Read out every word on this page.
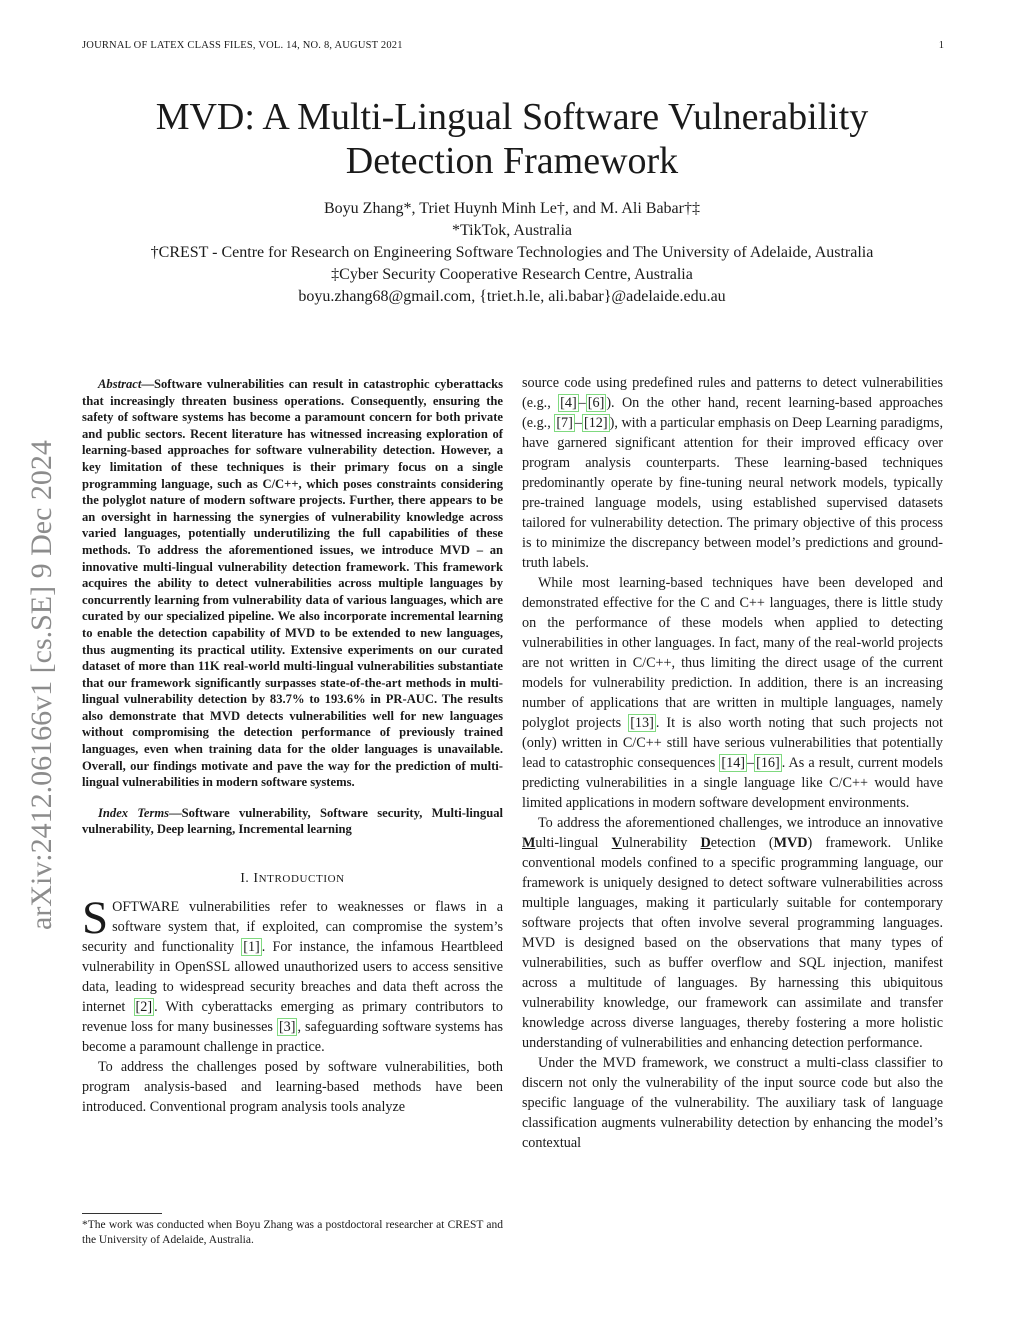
JOURNAL OF LATEX CLASS FILES, VOL. 14, NO. 8, AUGUST 2021	1
MVD: A Multi-Lingual Software Vulnerability
Detection Framework
Boyu Zhang*, Triet Huynh Minh Le†, and M. Ali Babar†‡
*TikTok, Australia
†CREST - Centre for Research on Engineering Software Technologies and The University of Adelaide, Australia
‡Cyber Security Cooperative Research Centre, Australia
boyu.zhang68@gmail.com, {triet.h.le, ali.babar}@adelaide.edu.au
arXiv:2412.06166v1 [cs.SE] 9 Dec 2024

Abstract—Software vulnerabilities can result in catastrophic cyberattacks that increasingly threaten business operations. Consequently, ensuring the safety of software systems has become a paramount concern for both private and public sectors. Recent literature has witnessed increasing exploration of learning-based approaches for software vulnerability detection. However, a key limitation of these techniques is their primary focus on a single programming language, such as C/C++, which poses constraints considering the polyglot nature of modern software projects. Further, there appears to be an oversight in harnessing the synergies of vulnerability knowledge across varied languages, potentially underutilizing the full capabilities of these methods. To address the aforementioned issues, we introduce MVD – an innovative multi-lingual vulnerability detection framework. This framework acquires the ability to detect vulnerabilities across multiple languages by concurrently learning from vulnerability data of various languages, which are curated by our specialized pipeline. We also incorporate incremental learning to enable the detection capability of MVD to be extended to new languages, thus augmenting its practical utility. Extensive experiments on our curated dataset of more than 11K real-world multi-lingual vulnerabilities substantiate that our framework significantly surpasses state-of-the-art methods in multi-lingual vulnerability detection by 83.7% to 193.6% in PR-AUC. The results also demonstrate that MVD detects vulnerabilities well for new languages without compromising the detection performance of previously trained languages, even when training data for the older languages is unavailable. Overall, our findings motivate and pave the way for the prediction of multi-lingual vulnerabilities in modern software systems.

Index Terms—Software vulnerability, Software security, Multi-lingual vulnerability, Deep learning, Incremental learning

I. INTRODUCTION

SOFTWARE vulnerabilities refer to weaknesses or flaws in a software system that, if exploited, can compromise the system’s security and functionality [1] . For instance, the infamous Heartbleed vulnerability in OpenSSL allowed unauthorized users to access sensitive data, leading to widespread security breaches and data theft across the internet [2] . With cyberattacks emerging as primary contributors to revenue loss for many businesses [3] , safeguarding software systems has become a paramount challenge in practice.

To address the challenges posed by software vulnerabilities, both program analysis-based and learning-based methods have been introduced. Conventional program analysis tools analyze

*The work was conducted when Boyu Zhang was a postdoctoral researcher at CREST and the University of Adelaide, Australia.

source code using predefined rules and patterns to detect vulnerabilities (e.g., [4] – [6] ). On the other hand, recent learning-based approaches (e.g., [7] – [12] ), with a particular emphasis on Deep Learning paradigms, have garnered significant attention for their improved efficacy over program analysis counterparts. These learning-based techniques predominantly operate by fine-tuning neural network models, typically pre-trained language models, using established supervised datasets tailored for vulnerability detection. The primary objective of this process is to minimize the discrepancy between model’s predictions and ground-truth labels.

While most learning-based techniques have been developed and demonstrated effective for the C and C++ languages, there is little study on the performance of these models when applied to detecting vulnerabilities in other languages. In fact, many of the real-world projects are not written in C/C++, thus limiting the direct usage of the current models for vulnerability prediction. In addition, there is an increasing number of applications that are written in multiple languages, namely polyglot projects [13] . It is also worth noting that such projects not (only) written in C/C++ still have serious vulnerabilities that potentially lead to catastrophic consequences [14] – [16] . As a result, current models predicting vulnerabilities in a single language like C/C++ would have limited applications in modern software development environments.

To address the aforementioned challenges, we introduce an innovative Multi-lingual Vulnerability Detection (MVD) framework. Unlike conventional models confined to a specific programming language, our framework is uniquely designed to detect software vulnerabilities across multiple languages, making it particularly suitable for contemporary software projects that often involve several programming languages. MVD is designed based on the observations that many types of vulnerabilities, such as buffer overflow and SQL injection, manifest across a multitude of languages. By harnessing this ubiquitous vulnerability knowledge, our framework can assimilate and transfer knowledge across diverse languages, thereby fostering a more holistic understanding of vulnerabilities and enhancing detection performance.

Under the MVD framework, we construct a multi-class classifier to discern not only the vulnerability of the input source code but also the specific language of the vulnerability. The auxiliary task of language classification augments vulnerability detection by enhancing the model’s contextual
